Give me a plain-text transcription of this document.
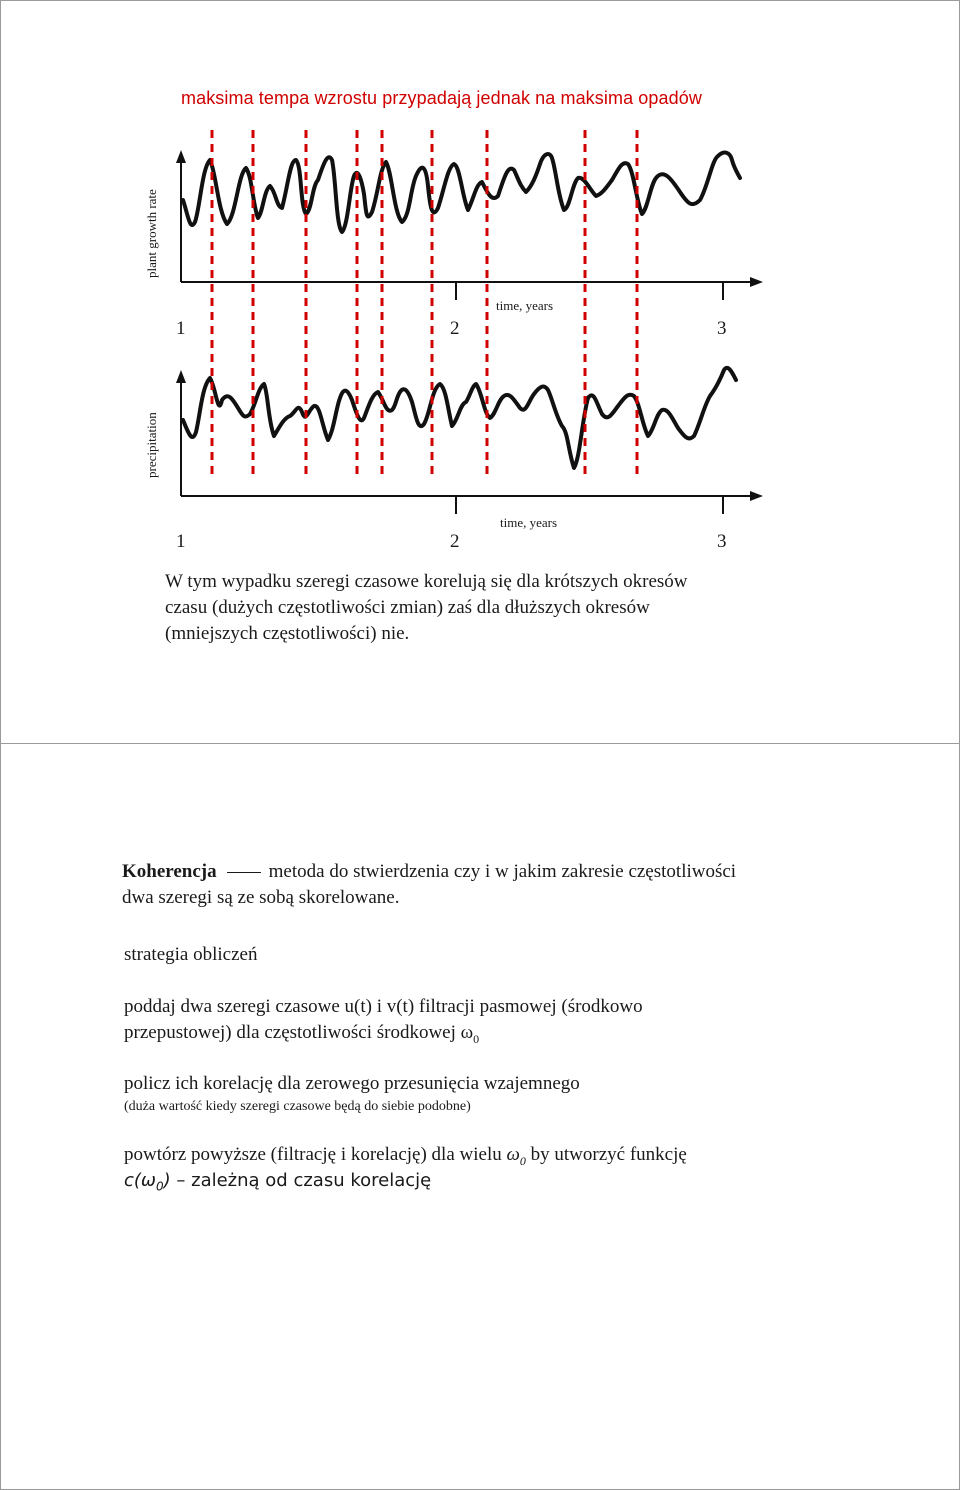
maksima tempa wzrostu przypadają jednak na maksima opadów
plant growth rate
time, years
1	2	3
precipitation
time, years
1	2	3
W tym wypadku szeregi czasowe korelują się dla krótszych okresów
czasu (dużych częstotliwości zmian) zaś dla dłuższych okresów
(mniejszych częstotliwości) nie.
Koherencja	metoda do stwierdzenia czy i w jakim zakresie częstotliwości
dwa szeregi są ze sobą skorelowane.
strategia obliczeń
poddaj dwa szeregi czasowe u(t) i v(t) filtracji pasmowej (środkowo
przepustowej) dla częstotliwości środkowej $\omega_0$
policz ich korelację dla zerowego przesunięcia wzajemnego
(duża wartość kiedy szeregi czasowe będą do siebie podobne)
powtórz powyższe (filtrację i korelację) dla wielu $\omega_0$ by utworzyć funkcję
$c(\omega_0)$ – zależną od czasu korelację
